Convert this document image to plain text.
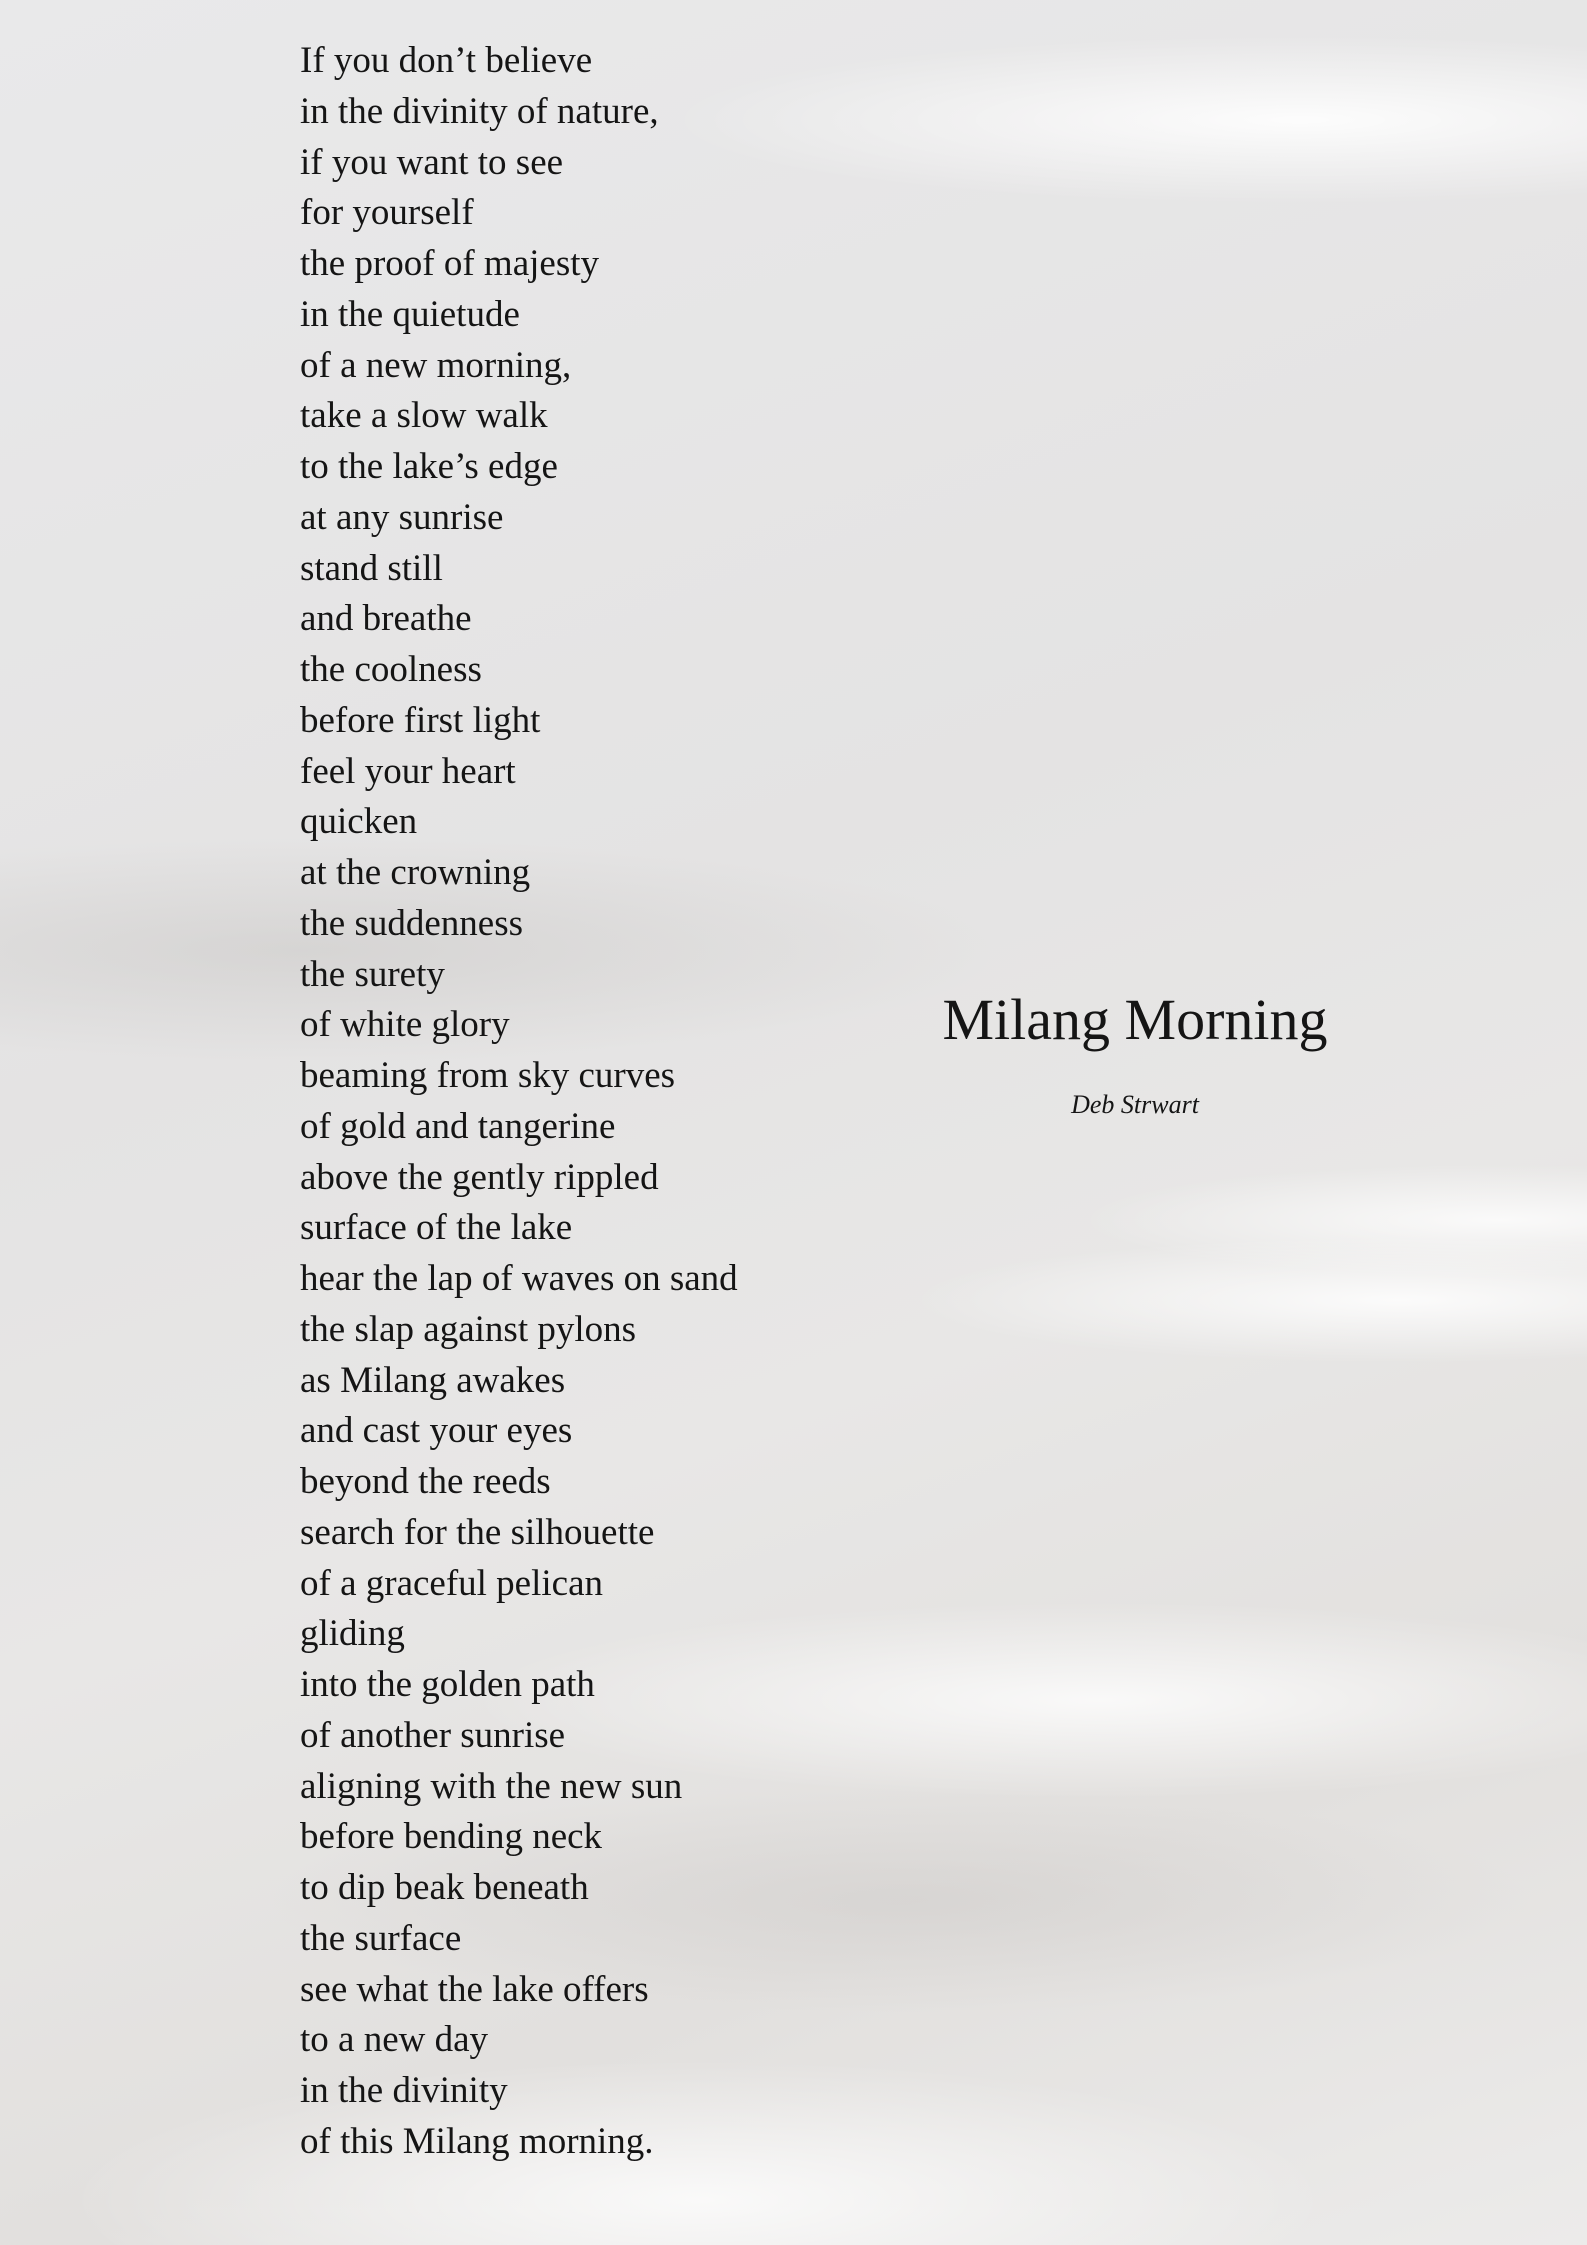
If you don’t believe
in the divinity of nature,
if you want to see
for yourself
the proof of majesty
in the quietude
of a new morning,
take a slow walk
to the lake’s edge
at any sunrise
stand still
and breathe
the coolness
before first light
feel your heart
quicken
at the crowning
the suddenness
the surety
of white glory
beaming from sky curves
of gold and tangerine
above the gently rippled
surface of the lake
hear the lap of waves on sand
the slap against pylons
as Milang awakes
and cast your eyes
beyond the reeds
search for the silhouette
of a graceful pelican
gliding
into the golden path
of another sunrise
aligning with the new sun
before bending neck
to dip beak beneath
the surface
see what the lake offers
to a new day
in the divinity
of this Milang morning.
Milang Morning
Deb Strwart
